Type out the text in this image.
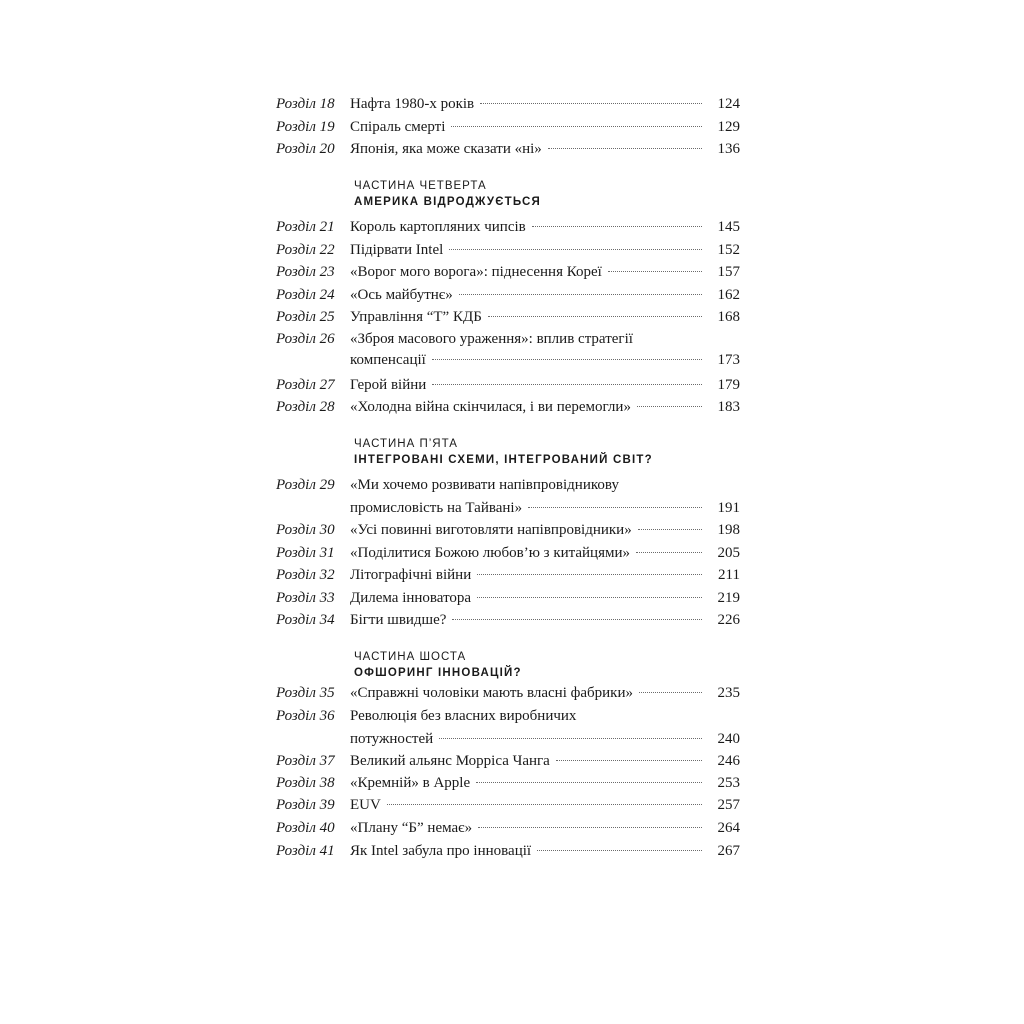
Розділ 18 Нафта 1980-х років	124
Розділ 19 Спіраль смерті	129
Розділ 20 Японія, яка може сказати «ні»	136
ЧАСТИНА ЧЕТВЕРТА
АМЕРИКА ВІДРОДЖУЄТЬСЯ
Розділ 21 Король картопляних чипсів	145
Розділ 22 Підірвати Intel	152
Розділ 23 «Ворог мого ворога»: піднесення Кореї	157
Розділ 24 «Ось майбутнє»	162
Розділ 25 Управління “Т” КДБ	168
Розділ 26 «Зброя масового ураження»: вплив стратегії
компенсації	173
Розділ 27 Герой війни	179
Розділ 28 «Холодна війна скінчилася, і ви перемогли»	183
ЧАСТИНА П’ЯТА
ІНТЕГРОВАНІ СХЕМИ, ІНТЕГРОВАНИЙ СВІТ?
Розділ 29 «Ми хочемо розвивати напівпровідникову
промисловість на Тайвані»	191
Розділ 30 «Усі повинні виготовляти напівпровідники»	198
Розділ 31 «Поділитися Божою любов’ю з китайцями»	205
Розділ 32 Літографічні війни	211
Розділ 33 Дилема інноватора	219
Розділ 34 Бігти швидше?	226
ЧАСТИНА ШОСТА
ОФШОРИНГ ІННОВАЦІЙ?
Розділ 35 «Справжні чоловіки мають власні фабрики»	235
Розділ 36 Революція без власних виробничих
потужностей	240
Розділ 37 Великий альянс Морріса Чанга	246
Розділ 38 «Кремній» в Apple	253
Розділ 39 EUV	257
Розділ 40 «Плану “Б” немає»	264
Розділ 41 Як Intel забула про інновації	267
